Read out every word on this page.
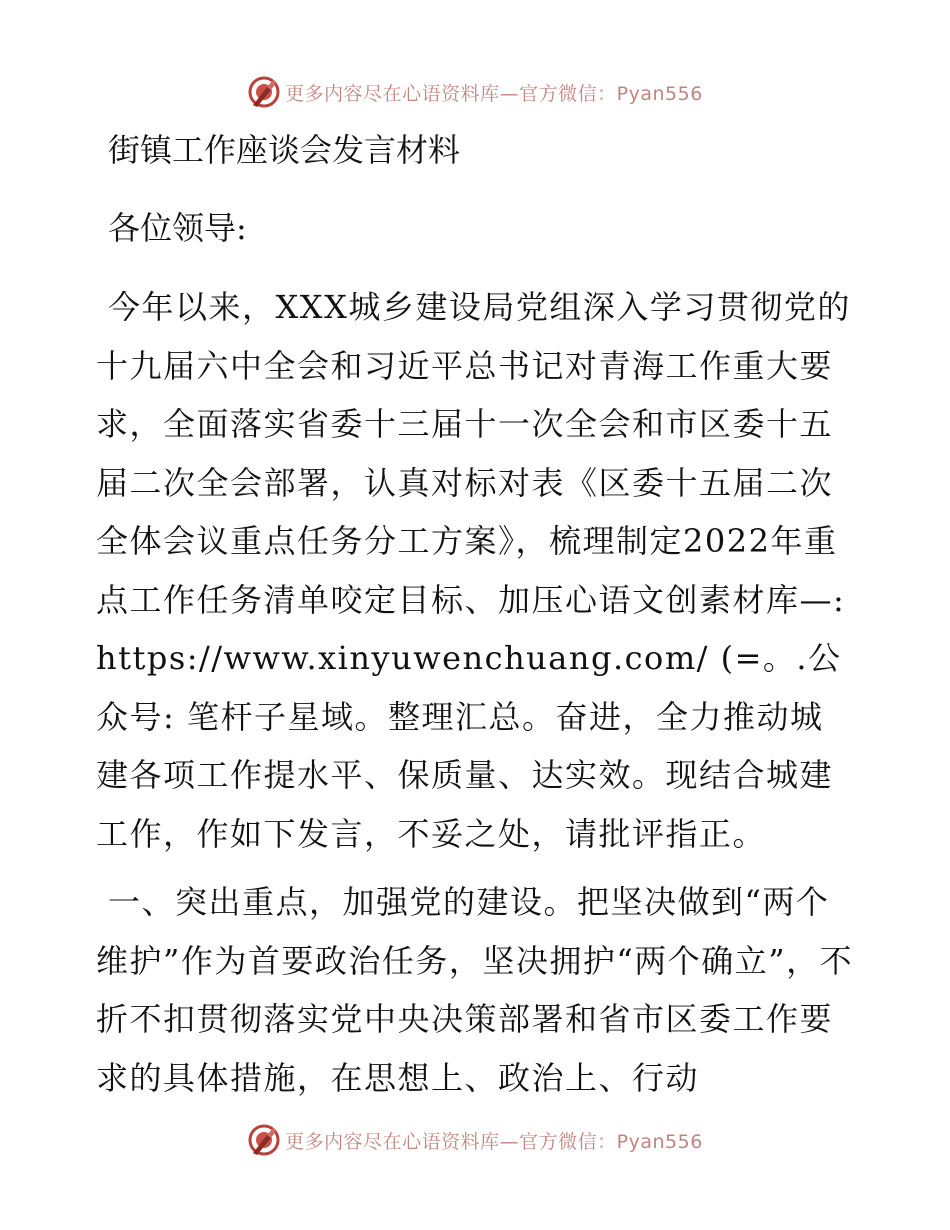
更多内容尽在心语资料库—官方微信：Pyan556
街镇工作座谈会发言材料

各位领导:

今年以来，XXX城乡建设局党组深入学习贯彻党的十九届六中全会和习近平总书记对青海工作重大要求，全面落实省委十三届十一次全会和市区委十五届二次全会部署，认真对标对表《区委十五届二次全体会议重点任务分工方案》，梳理制定2022年重点工作任务清单咬定目标、加压心语文创素材库—: https://www.xinyuwenchuang.com/ (=。.公众号: 笔杆子星域。整理汇总。奋进，全力推动城建各项工作提水平、保质量、达实效。现结合城建工作，作如下发言，不妥之处，请批评指正。

一、突出重点，加强党的建设。把坚决做到“两个维护”作为首要政治任务，坚决拥护“两个确立”，不折不扣贯彻落实党中央决策部署和省市区委工作要求的具体措施，在思想上、政治上、行动

更多内容尽在心语资料库—官方微信：Pyan556
